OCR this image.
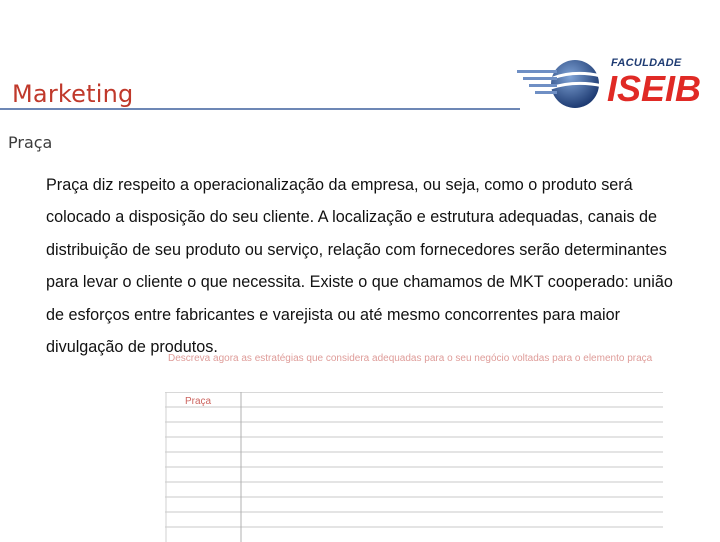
Marketing
FACULDADE
ISEIB
Praça

Praça diz respeito a operacionalização da empresa, ou seja, como o produto será colocado a disposição do seu cliente. A localização e estrutura adequadas, canais de distribuição de seu produto ou serviço, relação com fornecedores serão determinantes para levar o cliente o que necessita. Existe o que chamamos de MKT cooperado: união de esforços entre fabricantes e varejista ou até mesmo concorrentes para maior divulgação de produtos.

Descreva agora as estratégias que considera adequadas para o seu negócio voltadas para o elemento praça

Praça
